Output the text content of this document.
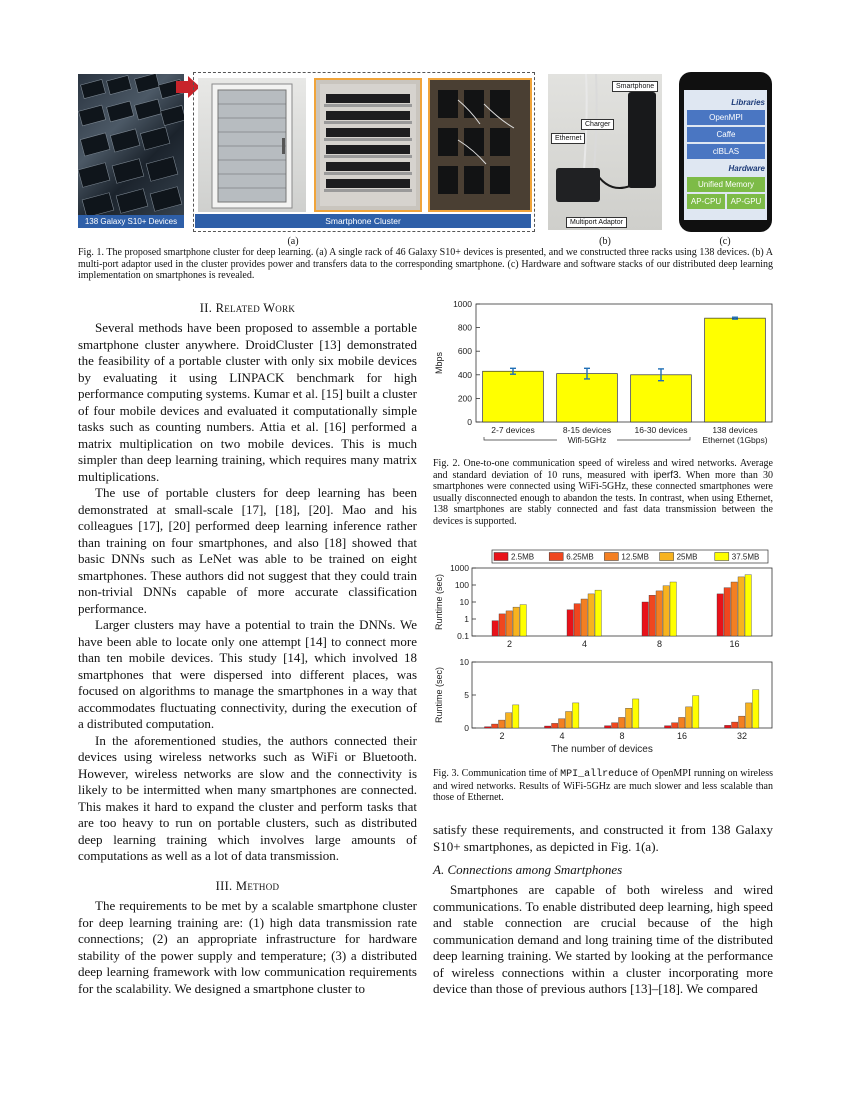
138 Galaxy S10+ Devices	Smartphone Cluster
Smartphone
Charger
Ethernet
Multiport Adaptor
Libraries
OpenMPI
Caffe
clBLAS
Hardware
Unified Memory
AP-CPU	AP-GPU
(a)	(b)	(c)
Fig. 1. The proposed smartphone cluster for deep learning. (a) A single rack of 46 Galaxy S10+ devices is presented, and we constructed three racks using 138 devices. (b) A multi-port adaptor used in the cluster provides power and transfers data to the corresponding smartphone. (c) Hardware and software stacks of our distributed deep learning implementation on smartphones is revealed.
II. Related Work

Several methods have been proposed to assemble a portable smartphone cluster anywhere. DroidCluster [13] demonstrated the feasibility of a portable cluster with only six mobile devices by evaluating it using LINPACK benchmark for high performance computing systems. Kumar et al. [15] built a cluster of four mobile devices and evaluated it computationally simple tasks such as counting numbers. Attia et al. [16] performed a matrix multiplication on two mobile devices. This is much simpler than deep learning training, which requires many matrix multiplications.

The use of portable clusters for deep learning has been demonstrated at small-scale [17], [18], [20]. Mao and his colleagues [17], [20] performed deep learning inference rather than training on four smartphones, and also [18] showed that basic DNNs such as LeNet was able to be trained on eight smartphones. These authors did not suggest that they could train non-trivial DNNs capable of more accurate classification performance.

Larger clusters may have a potential to train the DNNs. We have been able to locate only one attempt [14] to connect more than ten mobile devices. This study [14], which involved 18 smartphones that were dispersed into different places, was focused on algorithms to manage the smartphones in a way that accommodates fluctuating connectivity, during the execution of a distributed computation.

In the aforementioned studies, the authors connected their devices using wireless networks such as WiFi or Bluetooth. However, wireless networks are slow and the connectivity is likely to be intermitted when many smartphones are connected. This makes it hard to expand the cluster and perform tasks that are too heavy to run on portable clusters, such as distributed deep learning training which involves large amounts of computations as well as a lot of data transmission.

III. Method

The requirements to be met by a scalable smartphone cluster for deep learning training are: (1) high data transmission rate connections; (2) an appropriate infrastructure for hardware stability of the power supply and temperature; (3) a distributed deep learning framework with low communication requirements for the scalability. We designed a smartphone cluster to

0
200
400
600
800
1000
Mbps
2-7 devices	8-15 devices	16-30 devices	138 devices
Wifi-5GHz	Ethernet (1Gbps)
Fig. 2. One-to-one communication speed of wireless and wired networks. Average and standard deviation of 10 runs, measured with iperf3. When more than 30 smartphones were connected using WiFi-5GHz, these connected smartphones were usually disconnected enough to abandon the tests. In contrast, when using Ethernet, 138 smartphones are stably connected and fast data transmission between the devices is supported.
2.5MB	6.25MB	12.5MB	25MB	37.5MB
2	4	8	16
Runtime (sec)
0.1
1
10
100
1000
2	4	8	16	32
Runtime (sec)
0
5
10
The number of devices
Fig. 3. Communication time of MPI_allreduce of OpenMPI running on wireless and wired networks. Results of WiFi-5GHz are much slower and less scalable than those of Ethernet.

satisfy these requirements, and constructed it from 138 Galaxy S10+ smartphones, as depicted in Fig. 1(a).

A. Connections among Smartphones

Smartphones are capable of both wireless and wired communications. To enable distributed deep learning, high speed and stable connection are crucial because of the high communication demand and long training time of the distributed deep learning training. We started by looking at the performance of wireless connections within a cluster incorporating more device than those of previous authors [13]–[18]. We compared
